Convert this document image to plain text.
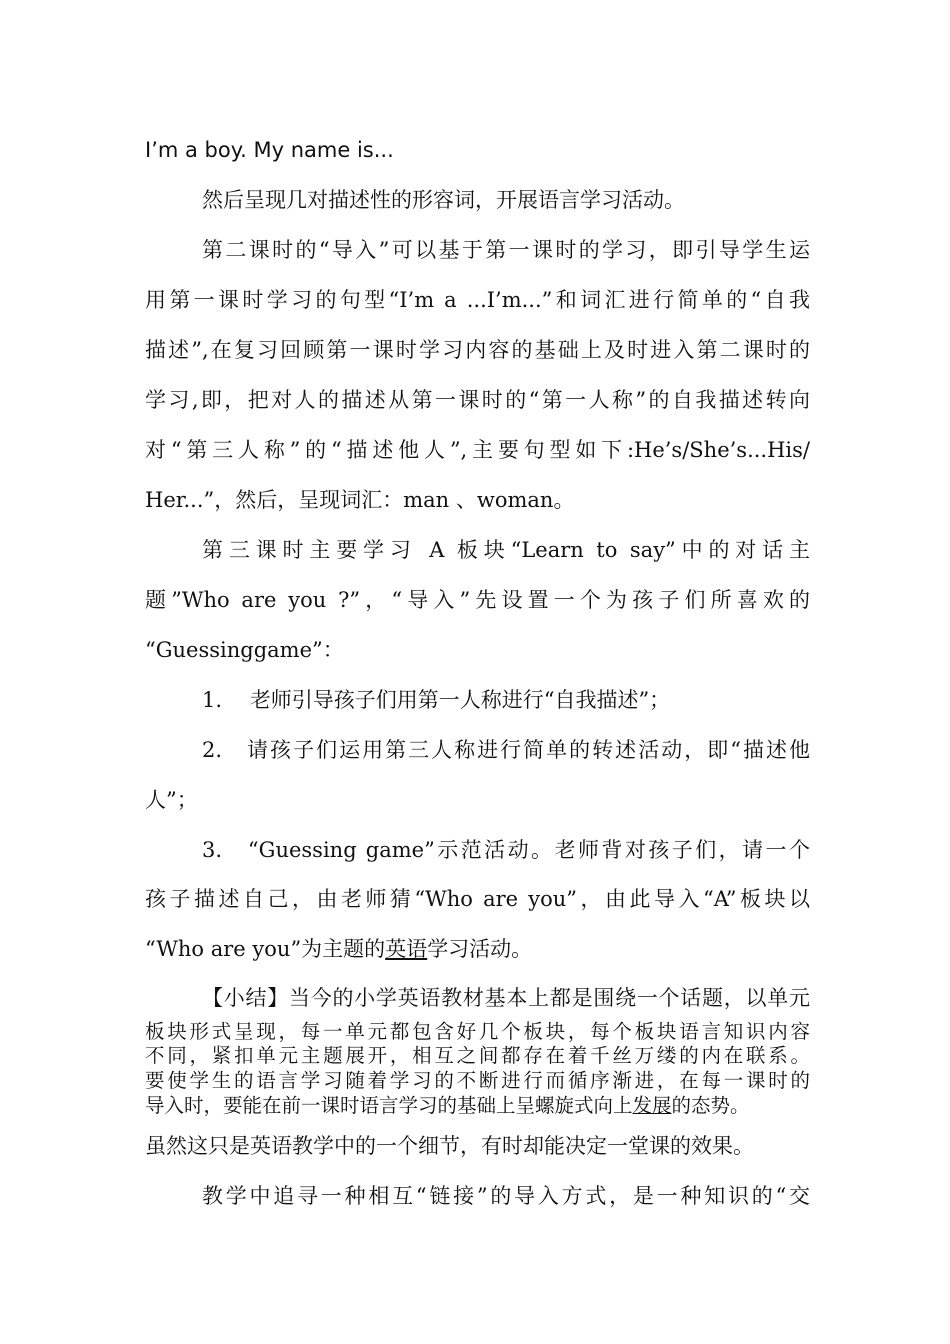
I’m a boy. My name is...
然后呈现几对描述性的形容词，开展语言学习活动。
第二课时的“导入”可以基于第一课时的学习，即引导学生运
用第一课时学习的句型“I’m a ...I’m...”和词汇进行简单的“自我
描述”,在复习回顾第一课时学习内容的基础上及时进入第二课时的
学习,即，把对人的描述从第一课时的“第一人称”的自我描述转向
对“第三人称”的“描述他人”,主要句型如下:He’s/She’s...His/
Her...”，然后，呈现词汇：man 、woman。
第三课时主要学习 A 板块“Learn to say”中的对话主
题”Who are you ?”，“导入”先设置一个为孩子们所喜欢的
“Guessinggame”：
1.　 老师引导孩子们用第一人称进行“自我描述”；
2.　请孩子们运用第三人称进行简单的转述活动，即“描述他
人”；
3.　“Guessing game”示范活动。老师背对孩子们，请一个
孩子描述自己，由老师猜“Who are you”，由此导入“A”板块以
“Who are you”为主题的英语学习活动。
【小结】当今的小学英语教材基本上都是围绕一个话题，以单元
板块形式呈现，每一单元都包含好几个板块，每个板块语言知识内容
不同，紧扣单元主题展开，相互之间都存在着千丝万缕的内在联系。
要使学生的语言学习随着学习的不断进行而循序渐进，在每一课时的
导入时，要能在前一课时语言学习的基础上呈螺旋式向上发展的态势。
虽然这只是英语教学中的一个细节，有时却能决定一堂课的效果。
教学中追寻一种相互“链接”的导入方式，是一种知识的“交
